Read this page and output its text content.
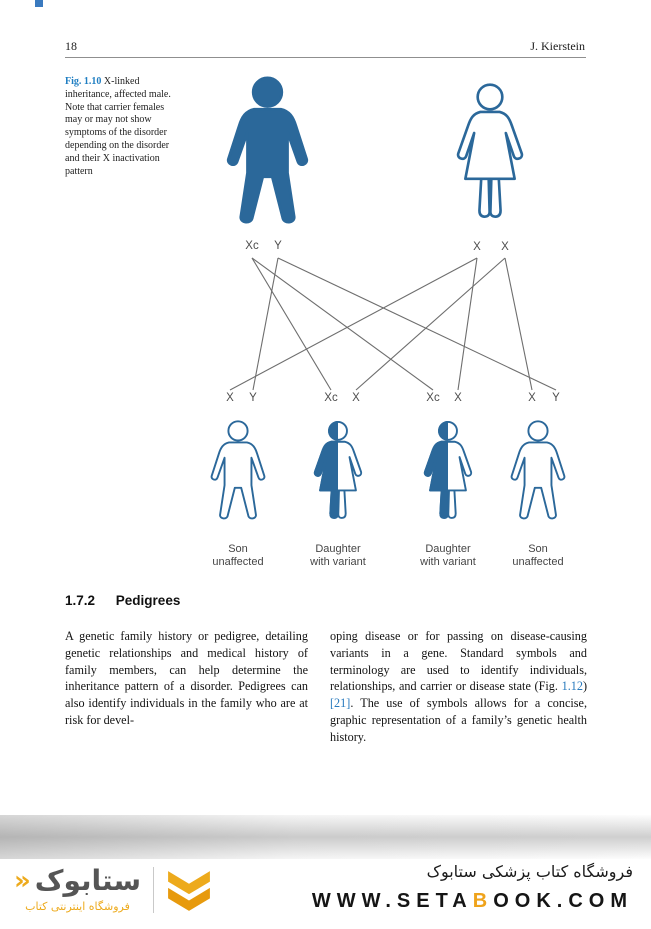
18	J. Kierstein
Fig. 1.10 X-linked inheritance, affected male. Note that carrier females may or may not show symptoms of the disorder depending on the disorder and their X inactivation pattern
Xc Y	X X
X Y	Xc X	Xc X	X Y
Son
unaffected
Daughter
with variant
Daughter
with variant
Son
unaffected
1.7.2 Pedigrees
A genetic family history or pedigree, detailing genetic relationships and medical history of family members, can help determine the inheritance pattern of a disorder. Pedigrees can also identify individuals in the family who are at risk for devel-
oping disease or for passing on disease-causing variants in a gene. Standard symbols and terminology are used to identify individuals, relationships, and carrier or disease state (Fig. 1.12) [21]. The use of symbols allows for a concise, graphic representation of a family’s genetic health history.
ستابوک
«
فروشگاه اینترنتی کتاب
فروشگاه کتاب پزشکی ستابوک
WWW.SETABOOK.COM
